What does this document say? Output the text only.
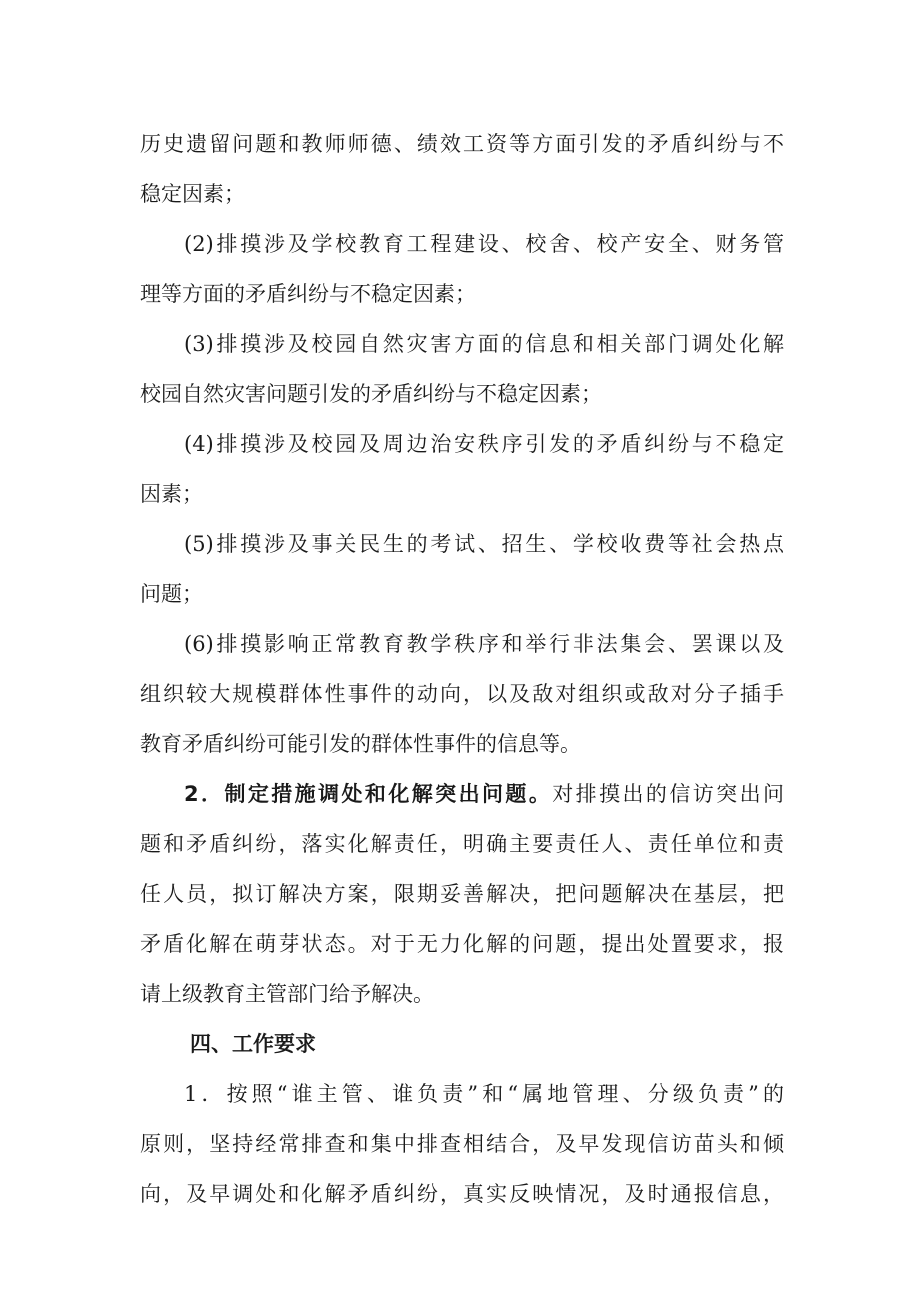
历史遗留问题和教师师德、绩效工资等方面引发的矛盾纠纷与不
稳定因素；
(2)排摸涉及学校教育工程建设、校舍、校产安全、财务管
理等方面的矛盾纠纷与不稳定因素；
(3)排摸涉及校园自然灾害方面的信息和相关部门调处化解
校园自然灾害问题引发的矛盾纠纷与不稳定因素；
(4)排摸涉及校园及周边治安秩序引发的矛盾纠纷与不稳定
因素；
(5)排摸涉及事关民生的考试、招生、学校收费等社会热点
问题；
(6)排摸影响正常教育教学秩序和举行非法集会、罢课以及
组织较大规模群体性事件的动向，以及敌对组织或敌对分子插手
教育矛盾纠纷可能引发的群体性事件的信息等。
2．制定措施调处和化解突出问题。对排摸出的信访突出问
题和矛盾纠纷，落实化解责任，明确主要责任人、责任单位和责
任人员，拟订解决方案，限期妥善解决，把问题解决在基层，把
矛盾化解在萌芽状态。对于无力化解的问题，提出处置要求，报
请上级教育主管部门给予解决。
四、工作要求
1．按照“谁主管、谁负责”和“属地管理、分级负责”的
原则，坚持经常排查和集中排查相结合，及早发现信访苗头和倾
向，及早调处和化解矛盾纠纷，真实反映情况，及时通报信息，
